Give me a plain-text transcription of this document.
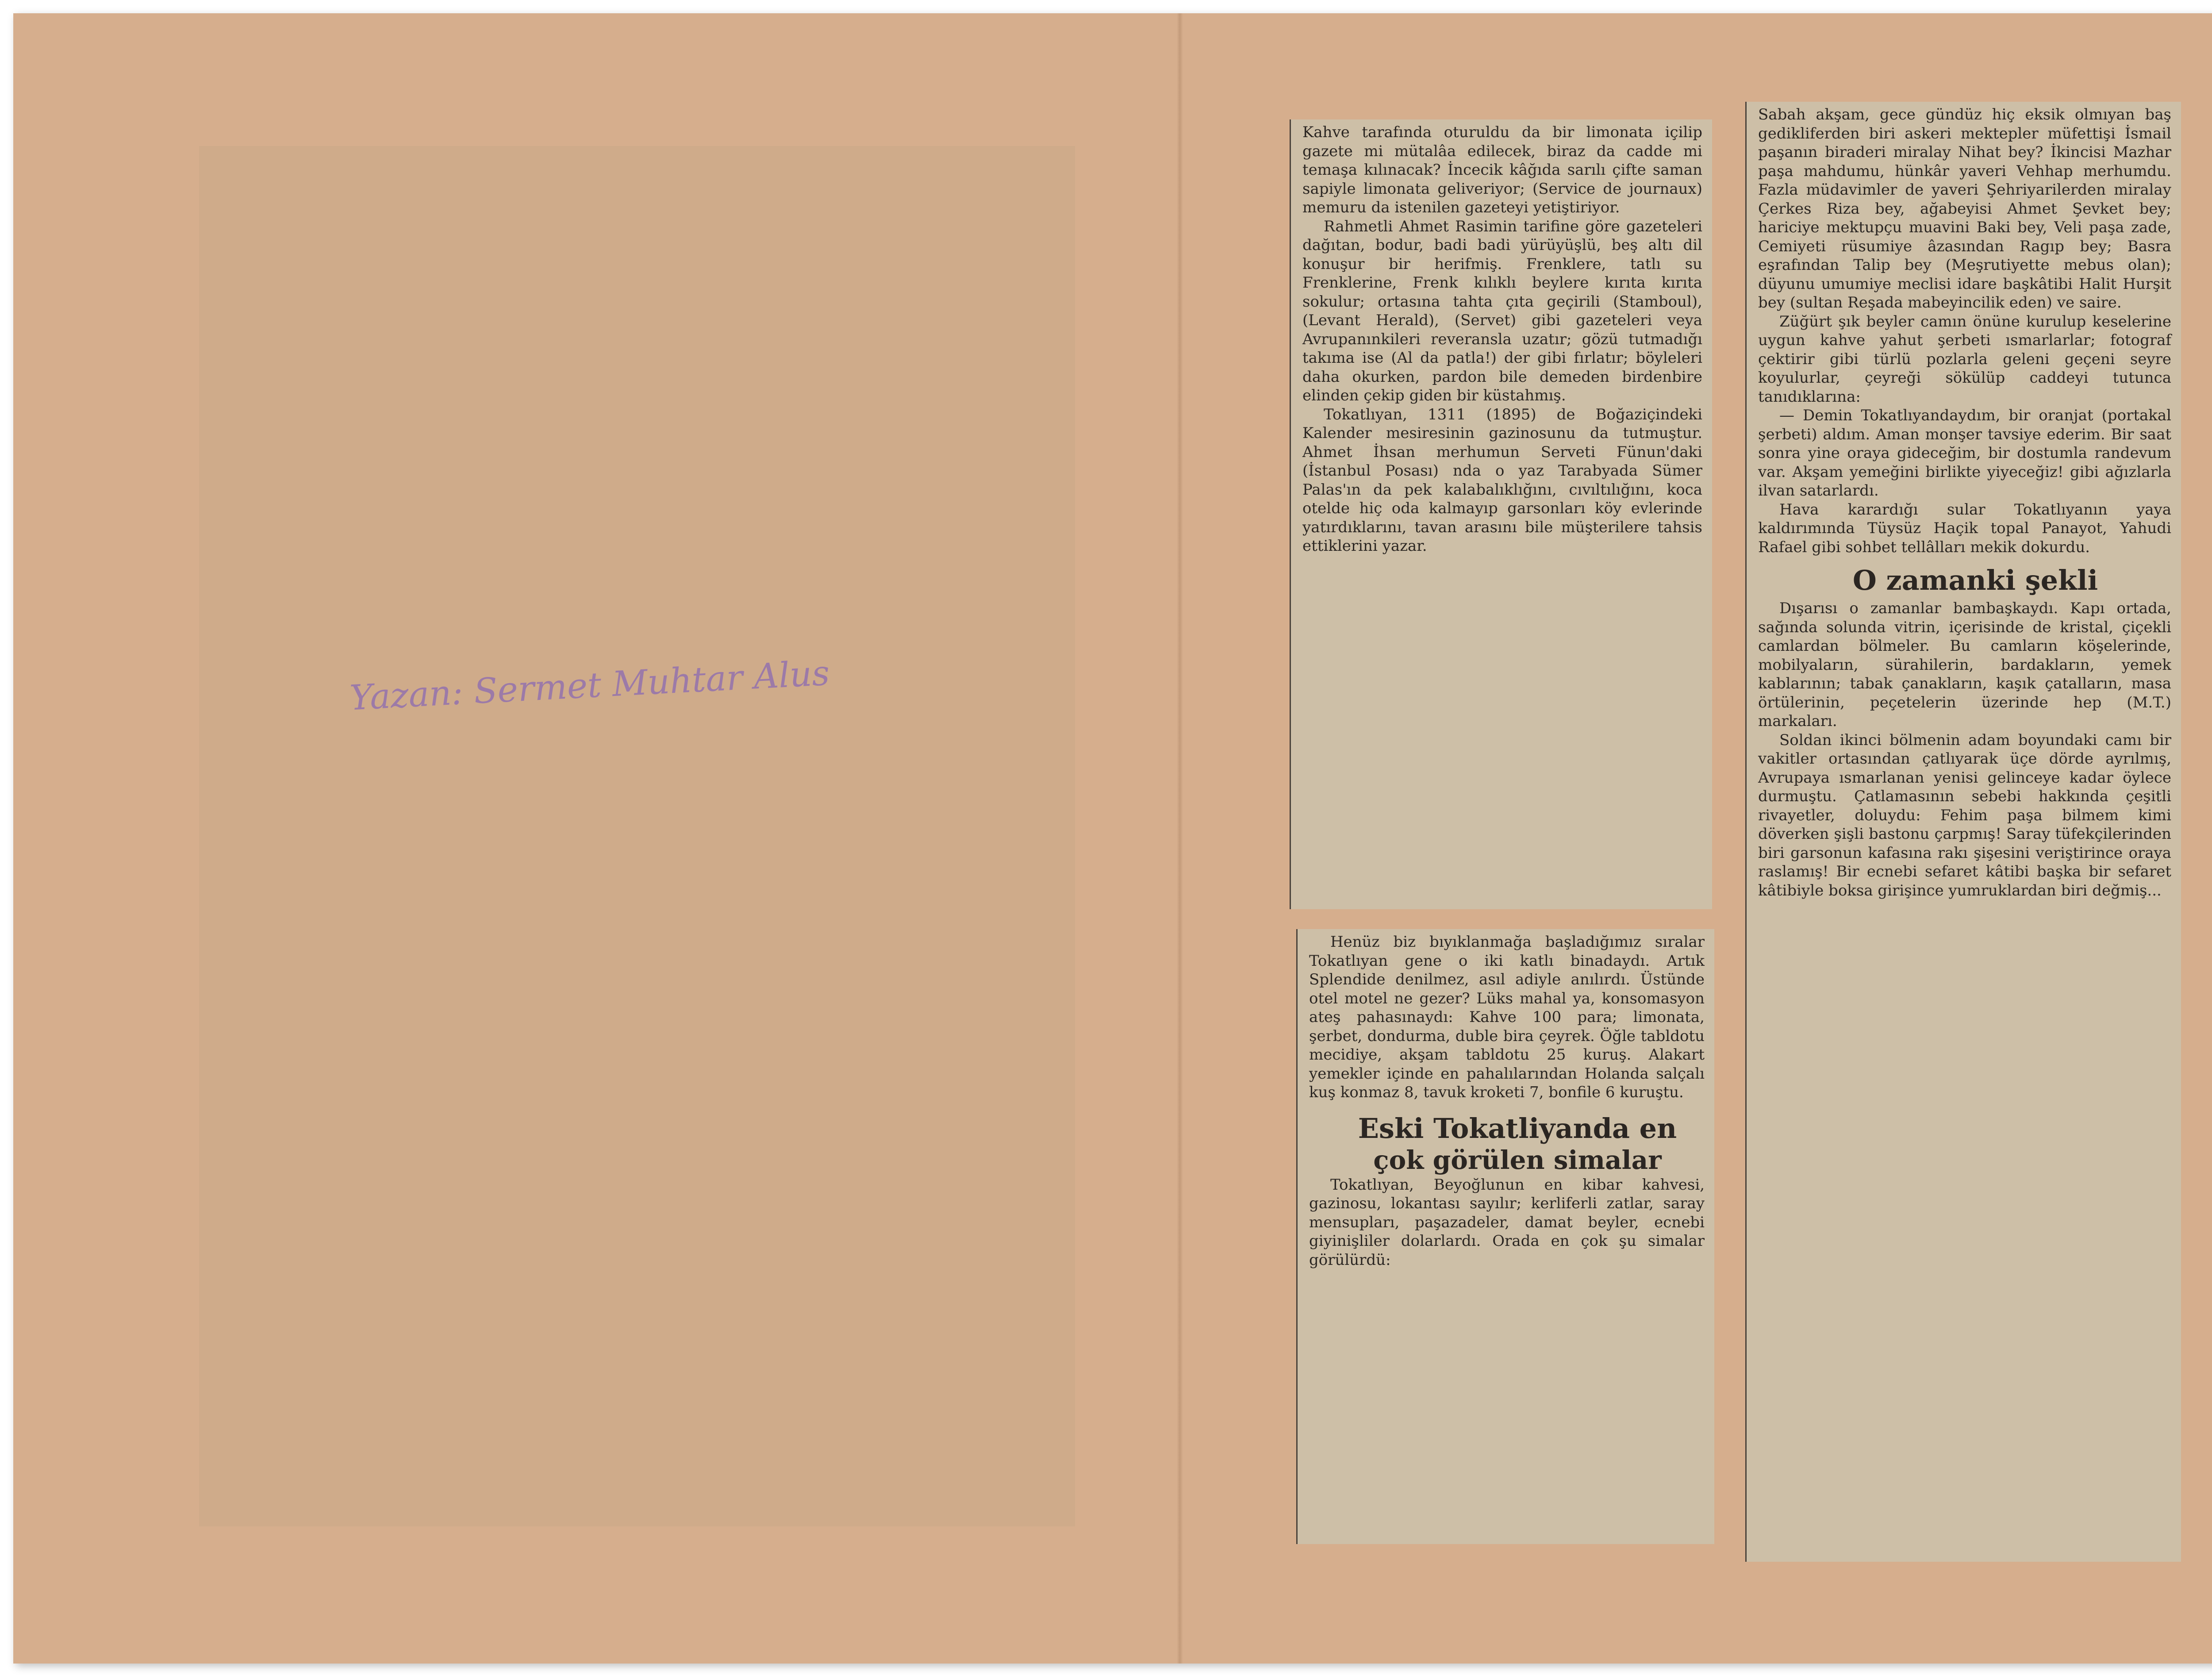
Yazan: Sermet Muhtar Alus

Kahve tarafında oturuldu da bir limonata içilip gazete mi mütalâa edilecek, biraz da cadde mi temaşa kılınacak? İncecik kâğıda sarılı çifte saman sapiyle limonata geliveriyor; (Service de journaux) memuru da istenilen gazeteyi yetiştiriyor.

Rahmetli Ahmet Rasimin tarifine göre gazeteleri dağıtan, bodur, badi badi yürüyüşlü, beş altı dil konuşur bir herifmiş. Frenklere, tatlı su Frenklerine, Frenk kılıklı beylere kırıta kırıta sokulur; ortasına tahta çıta geçirili (Stamboul), (Levant Herald), (Servet) gibi gazeteleri veya Avrupanınkileri reveransla uzatır; gözü tutmadığı takıma ise (Al da patla!) der gibi fırlatır; böyleleri daha okurken, pardon bile demeden birdenbire elinden çekip giden bir küstahmış.

Tokatlıyan, 1311 (1895) de Boğaziçindeki Kalender mesiresinin gazinosunu da tutmuştur. Ahmet İhsan merhumun Serveti Fünun'daki (İstanbul Posası) nda o yaz Tarabyada Sümer Palas'ın da pek kalabalıklığını, cıvıltılığını, koca otelde hiç oda kalmayıp garsonları köy evlerinde yatırdıklarını, tavan arasını bile müşterilere tahsis ettiklerini yazar.

Henüz biz bıyıklanmağa başladığımız sıralar Tokatlıyan gene o iki katlı binadaydı. Artık Splendide denilmez, asıl adiyle anılırdı. Üstünde otel motel ne gezer? Lüks mahal ya, konsomasyon ateş pahasınaydı: Kahve 100 para; limonata, şerbet, dondurma, duble bira çeyrek. Öğle tabldotu mecidiye, akşam tabldotu 25 kuruş. Alakart yemekler içinde en pahalılarından Holanda salçalı kuş konmaz 8, tavuk kroketi 7, bonfile 6 kuruştu.

Eski Tokatliyanda en

çok görülen simalar

Tokatlıyan, Beyoğlunun en kibar kahvesi, gazinosu, lokantası sayılır; kerliferli zatlar, saray mensupları, paşazadeler, damat beyler, ecnebi giyinişliler dolarlardı. Orada en çok şu simalar görülürdü:

Sabah akşam, gece gündüz hiç eksik olmıyan baş gedikliferden biri askeri mektepler müfettişi İsmail paşanın biraderi miralay Nihat bey? İkincisi Mazhar paşa mahdumu, hünkâr yaveri Vehhap merhumdu. Fazla müdavimler de yaveri Şehriyarilerden miralay Çerkes Riza bey, ağabeyisi Ahmet Şevket bey; hariciye mektupçu muavini Baki bey, Veli paşa zade, Cemiyeti rüsumiye âzasından Ragıp bey; Basra eşrafından Talip bey (Meşrutiyette mebus olan); düyunu umumiye meclisi idare başkâtibi Halit Hurşit bey (sultan Reşada mabeyincilik eden) ve saire.

Züğürt şık beyler camın önüne kurulup keselerine uygun kahve yahut şerbeti ısmarlarlar; fotograf çektirir gibi türlü pozlarla geleni geçeni seyre koyulurlar, çeyreği sökülüp caddeyi tutunca tanıdıklarına:

— Demin Tokatlıyandaydım, bir oranjat (portakal şerbeti) aldım. Aman monşer tavsiye ederim. Bir saat sonra yine oraya gideceğim, bir dostumla randevum var. Akşam yemeğini birlikte yiyeceğiz! gibi ağızlarla ilvan satarlardı.

Hava karardığı sular Tokatlıyanın yaya kaldırımında Tüysüz Haçik topal Panayot, Yahudi Rafael gibi sohbet tellâlları mekik dokurdu.

O zamanki şekli

Dışarısı o zamanlar bambaşkaydı. Kapı ortada, sağında solunda vitrin, içerisinde de kristal, çiçekli camlardan bölmeler. Bu camların köşelerinde, mobilyaların, sürahilerin, bardakların, yemek kablarının; tabak çanakların, kaşık çatalların, masa örtülerinin, peçetelerin üzerinde hep (M.T.) markaları.

Soldan ikinci bölmenin adam boyundaki camı bir vakitler ortasından çatlıyarak üçe dörde ayrılmış, Avrupaya ısmarlanan yenisi gelinceye kadar öylece durmuştu. Çatlamasının sebebi hakkında çeşitli rivayetler, doluydu: Fehim paşa bilmem kimi döverken şişli bastonu çarpmış! Saray tüfekçilerinden biri garsonun kafasına rakı şişesini veriştirince oraya raslamış! Bir ecnebi sefaret kâtibi başka bir sefaret kâtibiyle boksa girişince yumruklardan biri değmiş...
